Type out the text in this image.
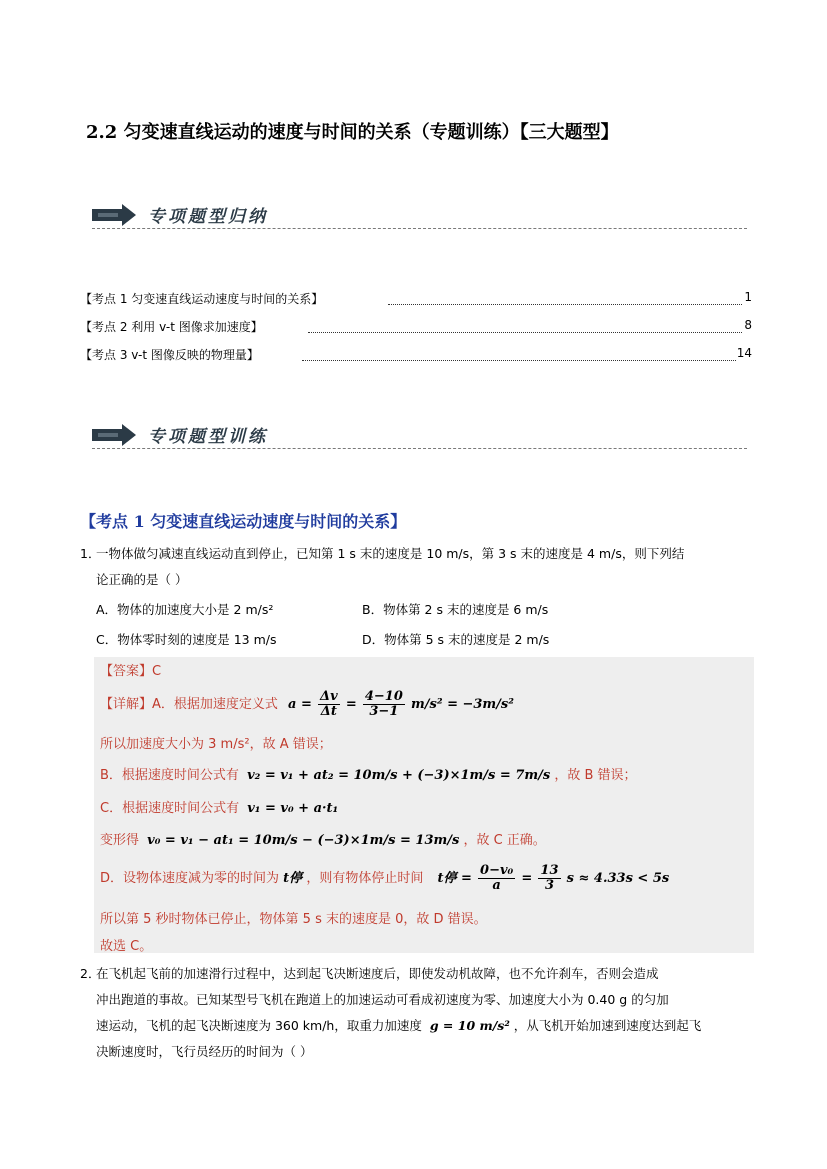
2.2 匀变速直线运动的速度与时间的关系（专题训练）【三大题型】
专项题型归纳
【考点 1 匀变速直线运动速度与时间的关系】	1
【考点 2 利用 v-t 图像求加速度】	8
【考点 3 v-t 图像反映的物理量】	14
专项题型训练
【考点 1 匀变速直线运动速度与时间的关系】
1．
一物体做匀减速直线运动直到停止，已知第 1 s 末的速度是 10 m/s，第 3 s 末的速度是 4 m/s，则下列结
论正确的是（ ）
A．物体的加速度大小是 2 m/s²	B．物体第 2 s 末的速度是 6 m/s
C．物体零时刻的速度是 13 m/s	D．物体第 5 s 末的速度是 2 m/s
【答案】C
【详解】A．根据加速度定义式 $a = \frac{\Delta v}{\Delta t} = \frac{4-10}{3-1} m/s^2 = -3m/s^2$
所以加速度大小为 3 m/s²，故 A 错误；
B．根据速度时间公式有 v₂ = v₁ + at₂ = 10m/s + (−3)×1m/s = 7m/s ，故 B 错误；
C．根据速度时间公式有 v₁ = v₀ + a·t₁
变形得 v₀ = v₁ − at₁ = 10m/s − (−3)×1m/s = 13m/s ，故 C 正确。
D．设物体速度减为零的时间为 t停 ，则有物体停止时间 t停 = $\frac{\text{0−v₀}}{a} = \frac{13}{3}$ s ≈ 4.33s < 5s
所以第 5 秒时物体已停止，物体第 5 s 末的速度是 0，故 D 错误。
故选 C。
2．
在飞机起飞前的加速滑行过程中，达到起飞决断速度后，即使发动机故障，也不允许刹车，否则会造成
冲出跑道的事故。已知某型号飞机在跑道上的加速运动可看成初速度为零、加速度大小为 0.40 g 的匀加
速运动，飞机的起飞决断速度为 360 km/h，取重力加速度 g = 10 m/s² ，从飞机开始加速到速度达到起飞
决断速度时，飞行员经历的时间为（ ）
